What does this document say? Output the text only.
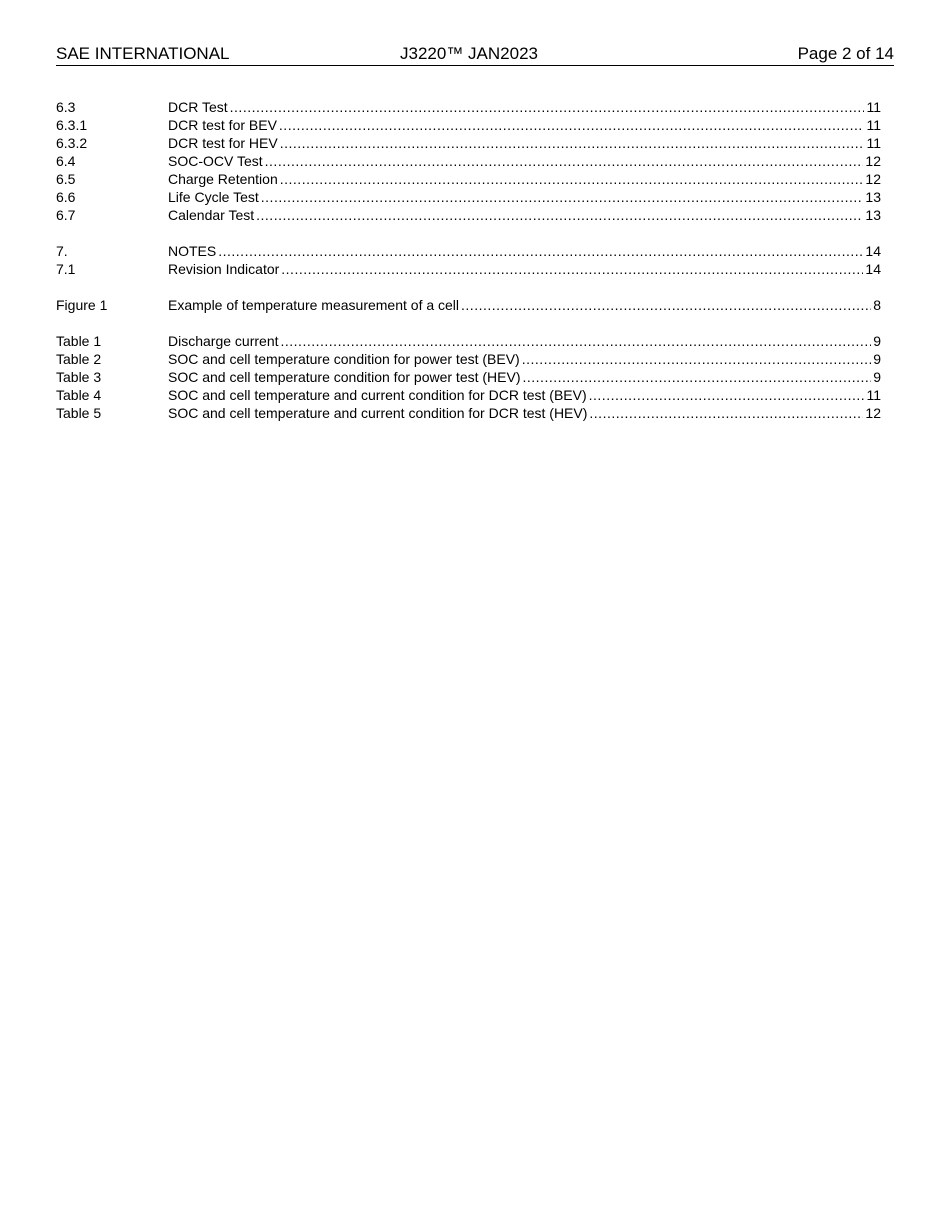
SAE INTERNATIONAL	J3220™ JAN2023	Page 2 of 14
6.3	DCR Test .....	11
6.3.1	DCR test for BEV .....	11
6.3.2	DCR test for HEV .....	11
6.4	SOC-OCV Test .....	12
6.5	Charge Retention .....	12
6.6	Life Cycle Test .....	13
6.7	Calendar Test .....	13
7.	NOTES .....	14
7.1	Revision Indicator .....	14
Figure 1	Example of temperature measurement of a cell .....	8
Table 1	Discharge current .....	9
Table 2	SOC and cell temperature condition for power test (BEV) .....	9
Table 3	SOC and cell temperature condition for power test (HEV) .....	9
Table 4	SOC and cell temperature and current condition for DCR test (BEV) .....	11
Table 5	SOC and cell temperature and current condition for DCR test (HEV) .....	12
